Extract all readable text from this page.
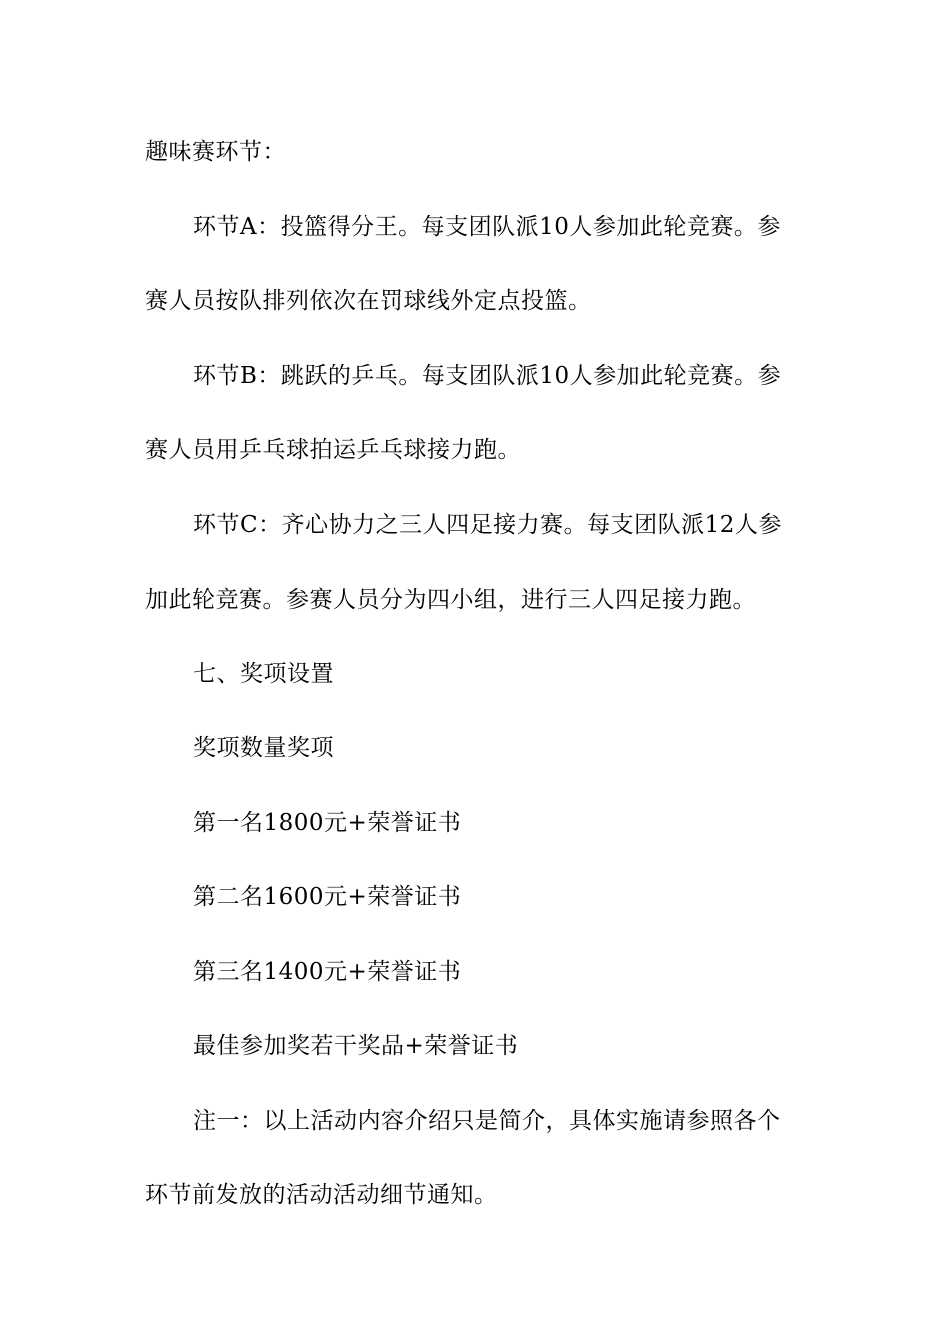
趣味赛环节：
环节A：投篮得分王。每支团队派10人参加此轮竞赛。参
赛人员按队排列依次在罚球线外定点投篮。
环节B：跳跃的乒乓。每支团队派10人参加此轮竞赛。参
赛人员用乒乓球拍运乒乓球接力跑。
环节C：齐心协力之三人四足接力赛。每支团队派12人参
加此轮竞赛。参赛人员分为四小组，进行三人四足接力跑。
七、奖项设置
奖项数量奖项
第一名1800元+荣誉证书
第二名1600元+荣誉证书
第三名1400元+荣誉证书
最佳参加奖若干奖品+荣誉证书
注一：以上活动内容介绍只是简介，具体实施请参照各个
环节前发放的活动活动细节通知。
